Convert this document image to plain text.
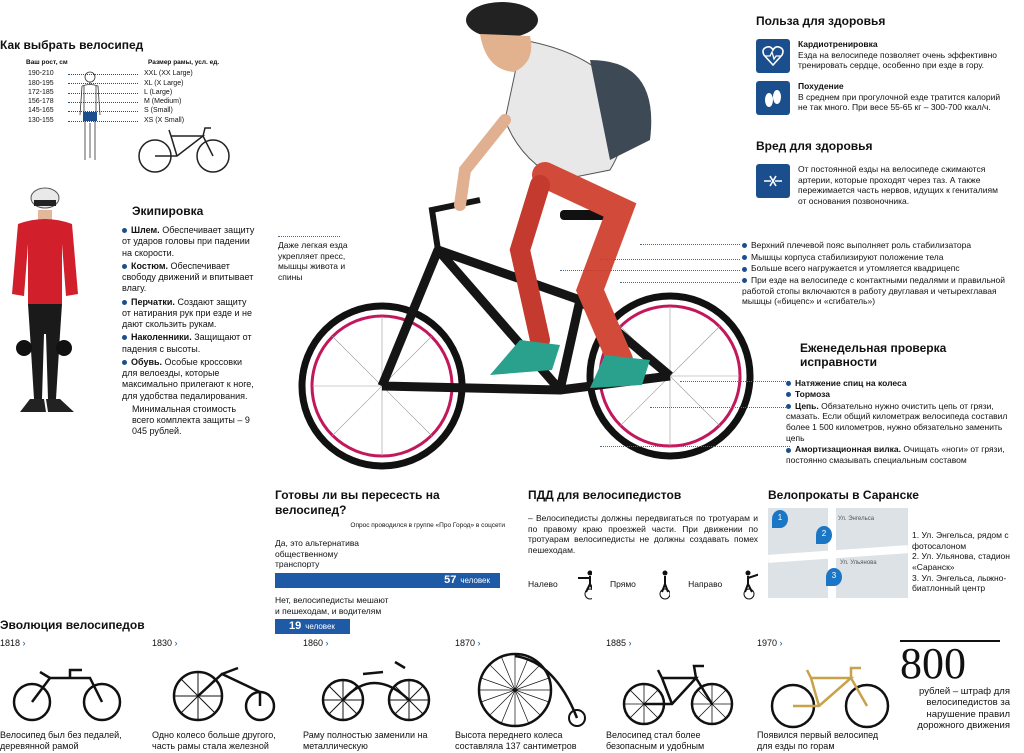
Как выбрать велосипед
Ваш рост, см	Размер рамы, усл. ед.
190-210	XXL (XX Large)
180-195	XL (X Large)
172-185	L (Large)
156-178	M (Medium)
145-165	S (Small)
130-155	XS (X Small)
Экипировка
Шлем. Обеспечивает защиту от ударов головы при падении на скорости.
Костюм. Обеспечивает свободу движений и впитывает влагу.
Перчатки. Создают защиту от натирания рук при езде и не дают скользить рукам.
Наколенники. Защищают от падения с высоты.
Обувь. Особые кроссовки для велоезды, которые максимально прилегают к ноге, для удобства педалирования.
Минимальная стоимость всего комплекта защиты – 9 045 рублей.
Даже легкая езда укрепляет пресс, мышцы живота и спины
Польза для здоровья
Кардиотренировка
Езда на велосипеде позволяет очень эффективно тренировать сердце, особенно при езде в гору.
Похудение
В среднем при прогулочной езде тратится калорий не так много. При весе 55-65 кг – 300-700 ккал/ч.
Вред для здоровья
От постоянной езды на велосипеде сжимаются артерии, которые проходят через таз. А также пережимается часть нервов, идущих к гениталиям от основания позвоночника.
Верхний плечевой пояс выполняет роль стабилизатора
Мышцы корпуса стабилизируют положение тела
Больше всего нагружается и утомляется квадрицепс
При езде на велосипеде с контактными педалями и правильной работой стопы включаются в работу двуглавая и четырехглавая мышцы («бицепс» и «сгибатель»)
Еженедельная проверка исправности
Натяжение спиц на колеса
Тормоза
Цепь. Обязательно нужно очистить цепь от грязи, смазать. Если общий километраж велосипеда составил более 1 500 километров, нужно обязательно заменить цепь
Амортизационная вилка. Очищать «ноги» от грязи, постоянно смазывать специальным составом
Готовы ли вы пересесть на велосипед?
Опрос проводился в группе «Про Город» в соцсети
Да, это альтернатива общественному транспорту
57 человек
Нет, велосипедисты мешают и пешеходам, и водителям
19 человек
ПДД для велосипедистов
– Велосипедисты должны передвигаться по тротуарам и по правому краю проезжей части. При движении по тротуарам велосипедисты не должны создавать помех пешеходам.
Налево	Прямо	Направо
Велопрокаты в Саранске
Ул. Энгельса
Ул. Ульянова
1
2
3
1. Ул. Энгельса, рядом с фотосалоном
2. Ул. Ульянова, стадион «Саранск»
3. Ул. Энгельса, лыжно-биатлонный центр
Эволюция велосипедов
1818 ›
Велосипед был без педалей, деревянной рамой
1830 ›
Одно колесо больше другого, часть рамы стала железной
1860 ›
Раму полностью заменили на металлическую
1870 ›
Высота переднего колеса составляла 137 сантиметров
1885 ›
Велосипед стал более безопасным и удобным
1970 ›
Появился первый велосипед для езды по горам
800
рублей – штраф для велосипедистов за нарушение правил дорожного движения
